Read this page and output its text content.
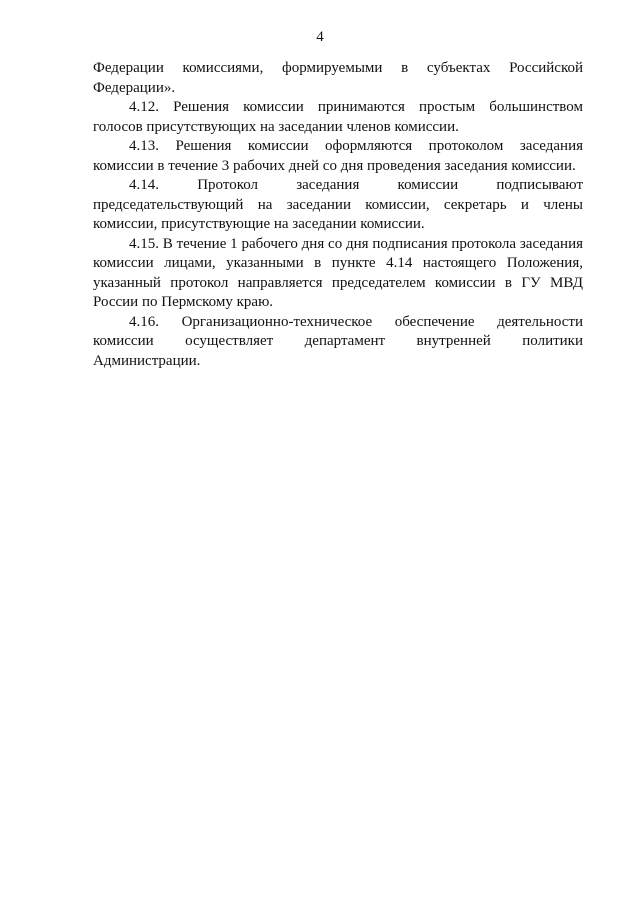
4

Федерации комиссиями, формируемыми в субъектах Российской Федерации».

4.12. Решения комиссии принимаются простым большинством голосов присутствующих на заседании членов комиссии.

4.13. Решения комиссии оформляются протоколом заседания комиссии в течение 3 рабочих дней со дня проведения заседания комиссии.

4.14. Протокол заседания комиссии подписывают председательствующий на заседании комиссии, секретарь и члены комиссии, присутствующие на заседании комиссии.

4.15. В течение 1 рабочего дня со дня подписания протокола заседания комиссии лицами, указанными в пункте 4.14 настоящего Положения, указанный протокол направляется председателем комиссии в ГУ МВД России по Пермскому краю.

4.16. Организационно-техническое обеспечение деятельности комиссии осуществляет департамент внутренней политики Администрации.
